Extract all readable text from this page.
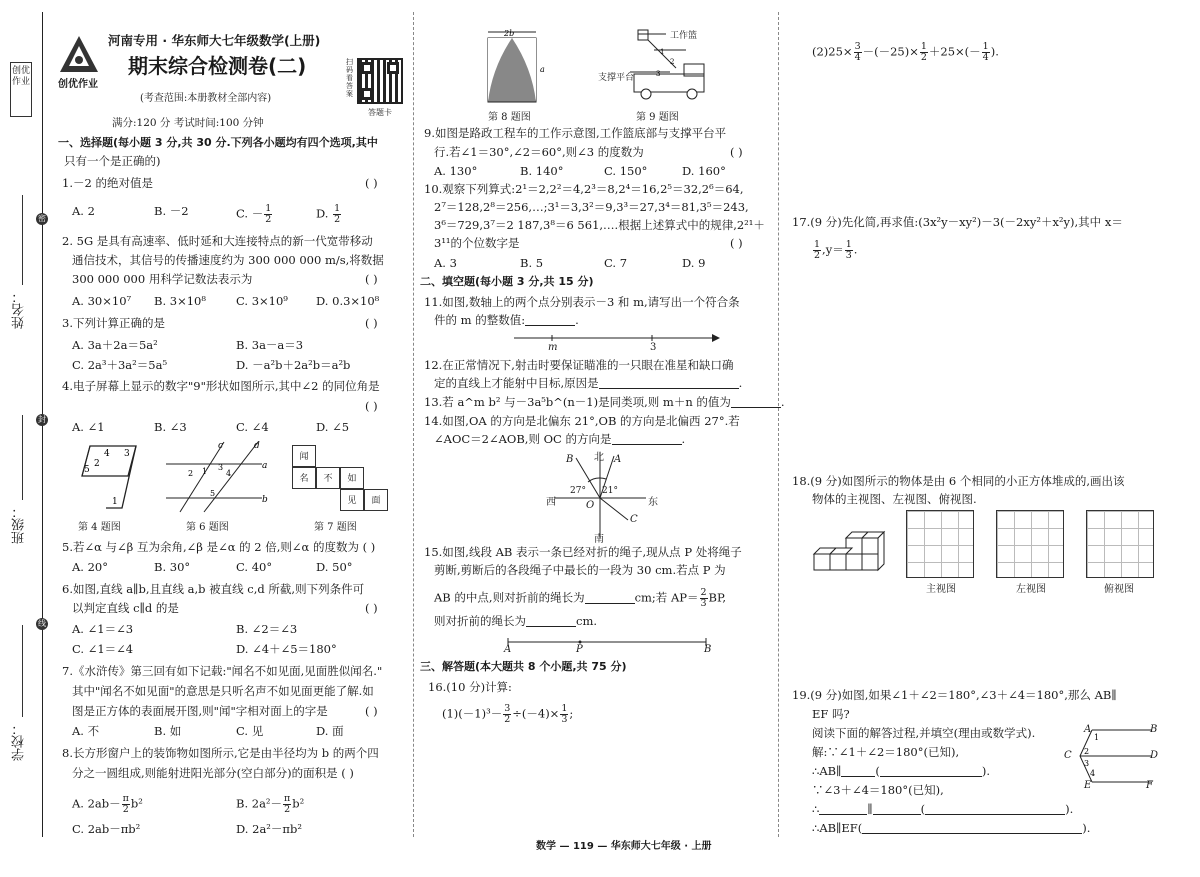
创优作业
姓名：
班级：
学校：
密
封
线
创优作业
河南专用 · 华东师大七年级数学(上册)
期末综合检测卷(二)
(考查范围:本册教材全部内容)
扫码看答案
答题卡
满分:120 分 考试时间:100 分钟
一、选择题(每小题 3 分,共 30 分.下列各小题均有四个选项,其中
只有一个是正确的)
1.－2 的绝对值是	( )
A. 2	B. －2	C. － $\frac{1}{2}$	D. $\frac{1}{2}$
2. 5G 是具有高速率、低时延和大连接特点的新一代宽带移动
通信技术，其信号的传播速度约为 300 000 000 m/s,将数据
300 000 000 用科学记数法表示为	( )
A. 30×10⁷ B. 3×10⁸	C. 3×10⁹ D. 0.3×10⁸
3.下列计算正确的是	( )
A. 3a＋2a＝5a²	B. 3a－a＝3
C. 2a³＋3a²＝5a⁵	D. －a²b＋2a²b＝a²b
4.电子屏幕上显示的数字"9"形状如图所示,其中∠2 的同位角是
( )
A. ∠1	B. ∠3	C. ∠4	D. ∠5
4 3
5
2
1
第 4 题图
a
b
c	d
2 1 4
3
5
第 6 题图
闻
名	不	如
见	面
第 7 题图
5.若∠α 与∠β 互为余角,∠β 是∠α 的 2 倍,则∠α 的度数为 ( )
A. 20°	B. 30°	C. 40°	D. 50°
6.如图,直线 a∥b,且直线 a,b 被直线 c,d 所截,则下列条件可
以判定直线 c∥d 的是	( )
A. ∠1＝∠3	B. ∠2＝∠3
C. ∠1＝∠4	D. ∠4＋∠5＝180°
7.《水浒传》第三回有如下记载:"闻名不如见面,见面胜似闻名."
其中"闻名不如见面"的意思是只听名声不如见面更能了解.如
图是正方体的表面展开图,则"闻"字相对面上的字是	( )
A. 不	B. 如	C. 见	D. 面
8.长方形窗户上的装饰物如图所示,它是由半径均为 b 的两个四
分之一圆组成,则能射进阳光部分(空白部分)的面积是 ( )
A. $2ab- \frac{\pi}{2} b^2$	B. $2a^2- \frac{\pi}{2} b^2$
C. 2ab－πb²	D. 2a²－πb²
2b
a
第 8 题图
1
2
3
工作篮
支撑平台
第 9 题图
9.如图是路政工程车的工作示意图,工作篮底部与支撑平台平
行.若∠1＝30°,∠2＝60°,则∠3 的度数为	( )
A. 130°	B. 140°	C. 150°	D. 160°
10.观察下列算式:2¹＝2,2²＝4,2³＝8,2⁴＝16,2⁵＝32,2⁶＝64,
2⁷＝128,2⁸＝256,…;3¹＝3,3²＝9,3³＝27,3⁴＝81,3⁵＝243,
3⁶＝729,3⁷＝2 187,3⁸＝6 561,….根据上述算式中的规律,2²¹＋
3¹¹的个位数字是	( )
A. 3	B. 5	C. 7	D. 9
二、填空题(每小题 3 分,共 15 分)
11.如图,数轴上的两个点分别表示－3 和 m,请写出一个符合条
件的 m 的整数值:	.
m	3
12.在正常情况下,射击时要保证瞄准的一只眼在准星和缺口确
定的直线上才能射中目标,原因是	.
13.若 a^m b² 与－3a⁵b^(n－1)是同类项,则 m＋n 的值为	.
14.如图,OA 的方向是北偏东 21°,OB 的方向是北偏西 27°.若
∠AOC＝2∠AOB,则 OC 的方向是	.
北
南
东
西
A
B
C
O
27° 21°
15.如图,线段 AB 表示一条已经对折的绳子,现从点 P 处将绳子
剪断,剪断后的各段绳子中最长的一段为 30 cm.若点 P 为
AB 的中点,则对折前的绳长为	cm;若 $AP= \frac{2}{3}$ BP,
则对折前的绳长为	cm.
A	P	B
三、解答题(本大题共 8 个小题,共 75 分)
16.(10 分)计算:
$(1)(-1)^3- \frac{3}{2} \div(-4)\times \frac{1}{3}$ ;
$(2)25\times \frac{3}{4} -(-25)\times \frac{1}{2} +25\times(- \frac{1}{4}$ ).
17.(9 分)先化简,再求值:(3x²y－xy²)－3(－2xy²＋x²y),其中 x＝
$\frac{1}{2} ,y= \frac{1}{3}$ .
18.(9 分)如图所示的物体是由 6 个相同的小正方体堆成的,画出该
物体的主视图、左视图、俯视图.
主视图	左视图	俯视图
19.(9 分)如图,如果∠1＋∠2＝180°,∠3＋∠4＝180°,那么 AB∥
EF 吗?
阅读下面的解答过程,并填空(理由或数学式).
解:∵∠1＋∠2＝180°(已知),
∴AB∥	(	).
∵∠3＋∠4＝180°(已知),
∴	∥	(	).
∴AB∥EF(	).
1
2
3
4
A	B
C	D
E	F
数学 — 119 — 华东师大七年级 · 上册
